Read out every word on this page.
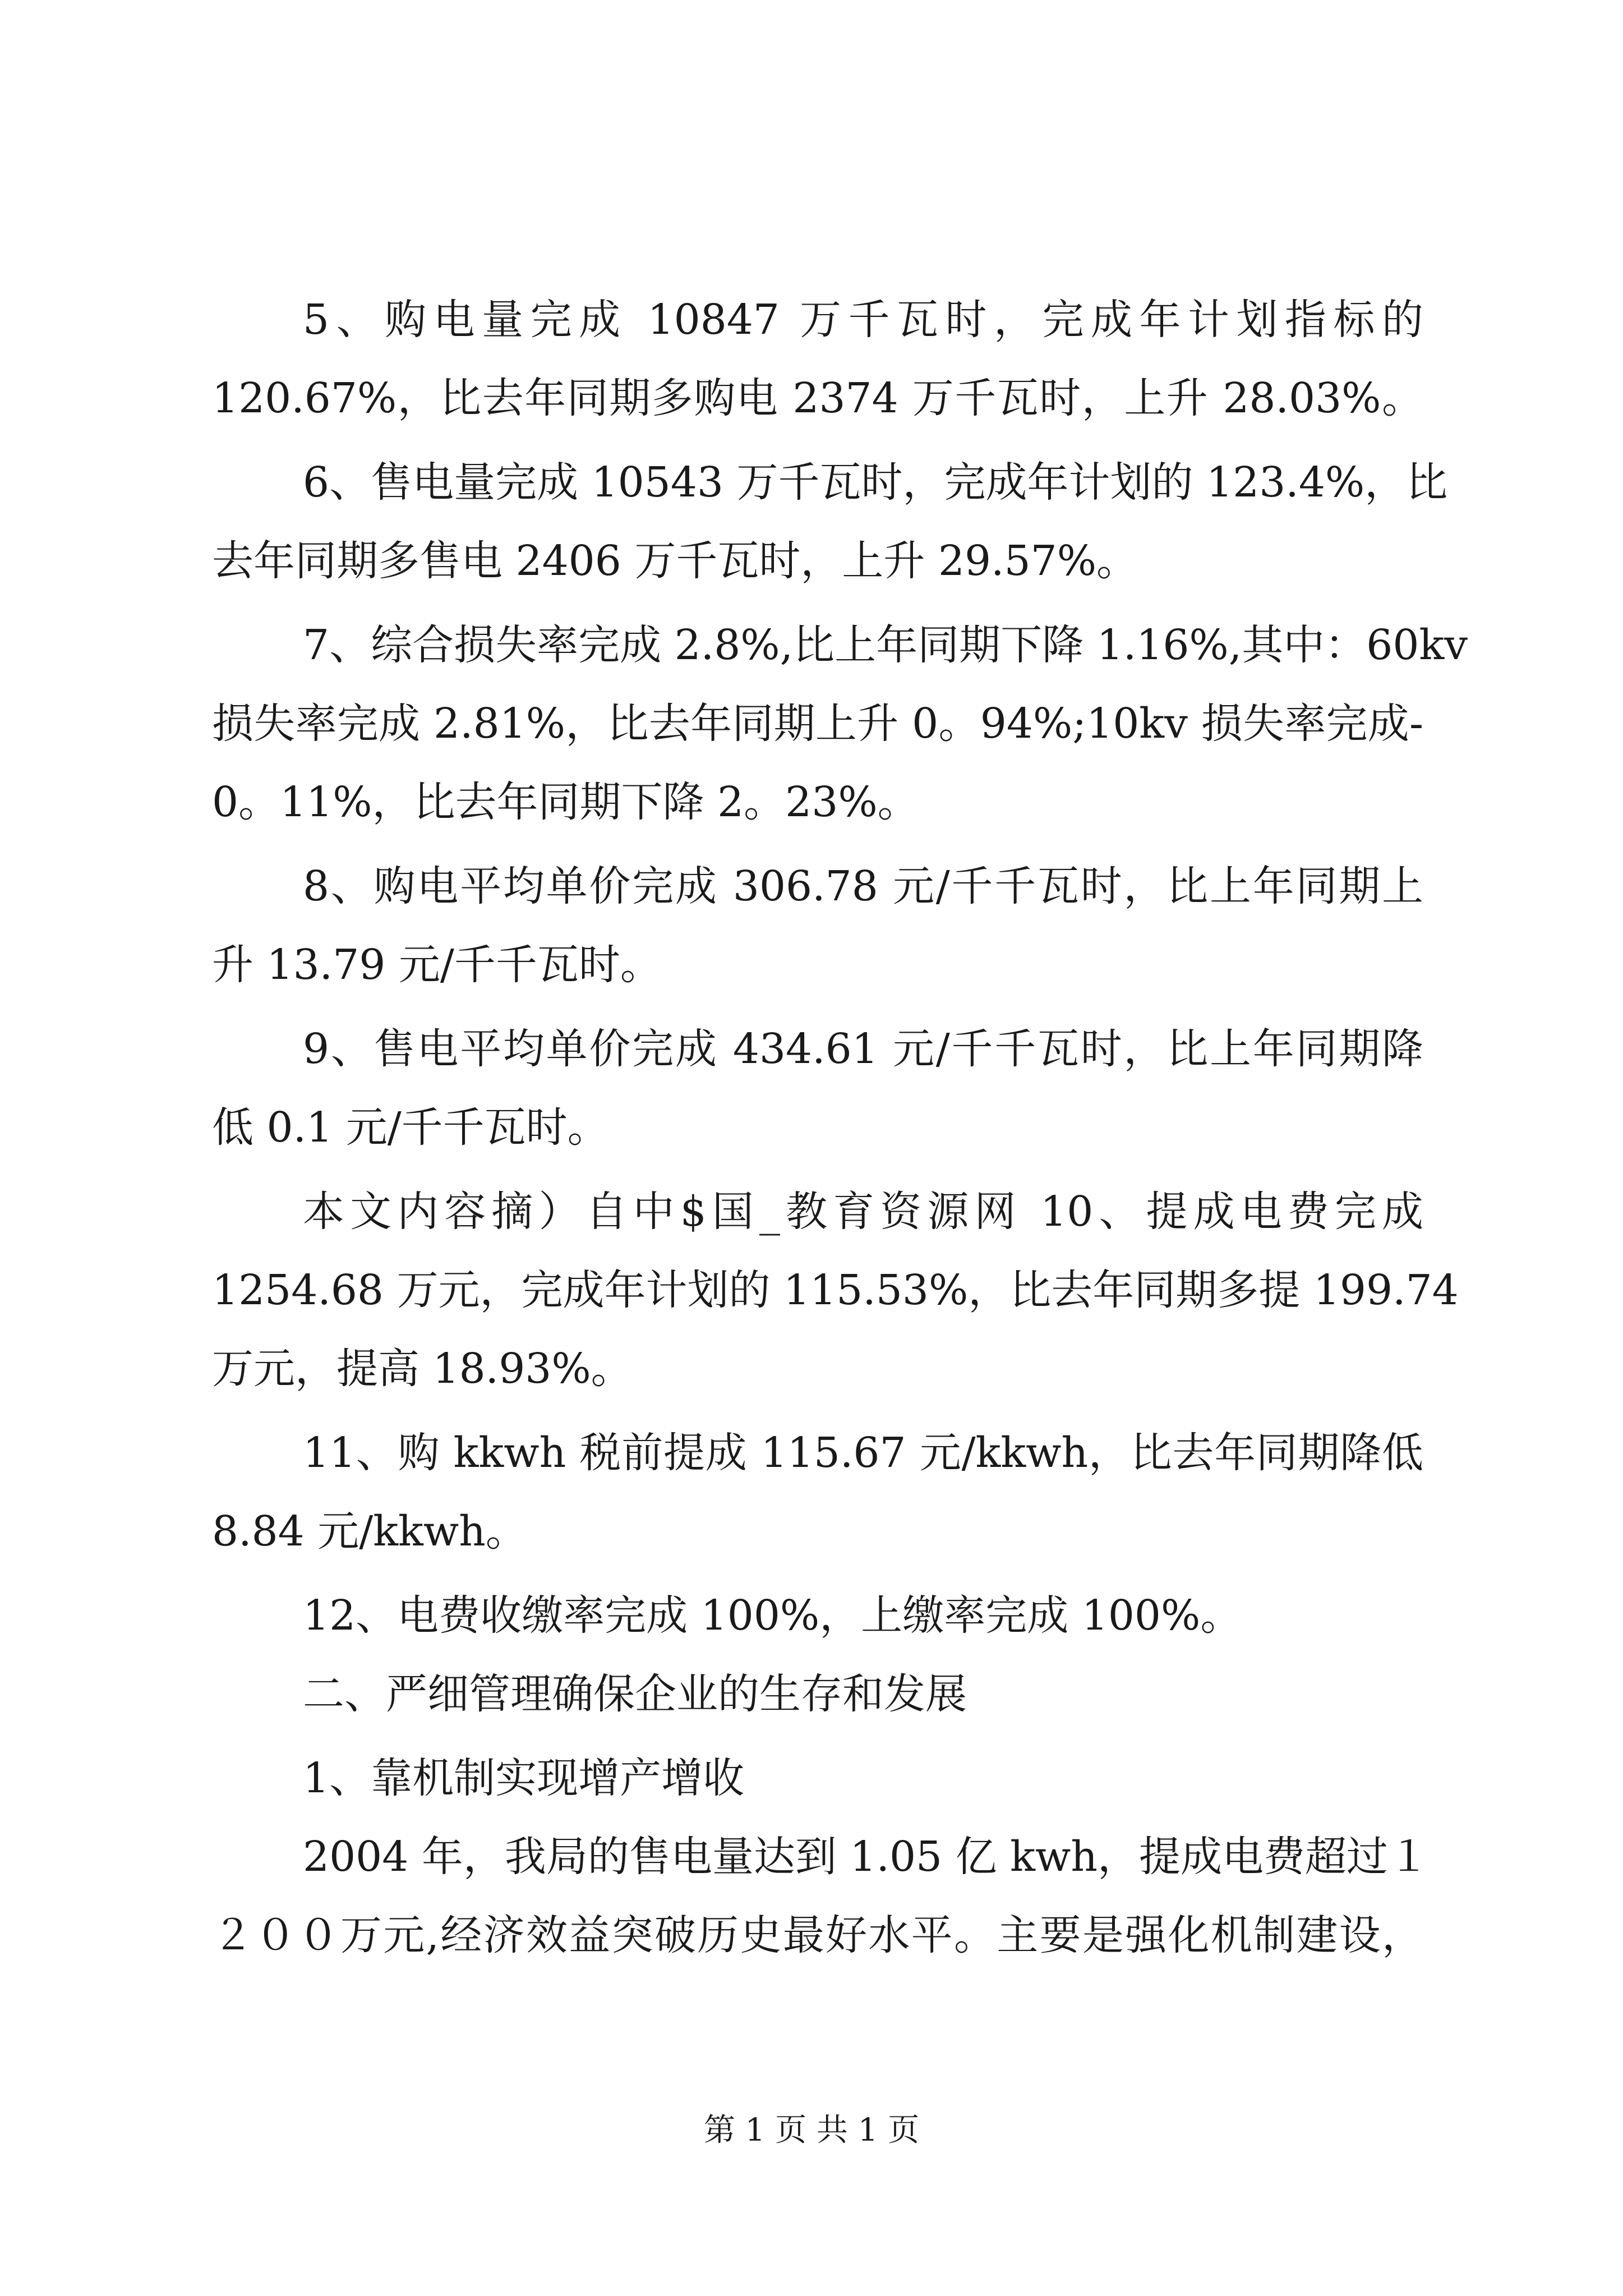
5、购电量完成 10847 万千瓦时，完成年计划指标的
120.67%，比去年同期多购电 2374 万千瓦时，上升 28.03%。
6、售电量完成 10543 万千瓦时，完成年计划的 123.4%，比
去年同期多售电 2406 万千瓦时，上升 29.57%。
7、综合损失率完成 2.8%,比上年同期下降 1.16%,其中：60kv
损失率完成 2.81%，比去年同期上升 0。94%;10kv 损失率完成-
0。11%，比去年同期下降 2。23%。
8、购电平均单价完成 306.78 元/千千瓦时，比上年同期上
升 13.79 元/千千瓦时。
9、售电平均单价完成 434.61 元/千千瓦时，比上年同期降
低 0.1 元/千千瓦时。
本文内容摘）自中$国_教育资源网 10、提成电费完成
1254.68 万元，完成年计划的 115.53%，比去年同期多提 199.74
万元，提高 18.93%。
11、购 kkwh 税前提成 115.67 元/kkwh，比去年同期降低
8.84 元/kkwh。
12、电费收缴率完成 100%，上缴率完成 100%。
二、严细管理确保企业的生存和发展
1、靠机制实现增产增收
2004 年，我局的售电量达到 1.05 亿 kwh，提成电费超过１
２００万元,经济效益突破历史最好水平。主要是强化机制建设，
第 1 页 共 1 页
